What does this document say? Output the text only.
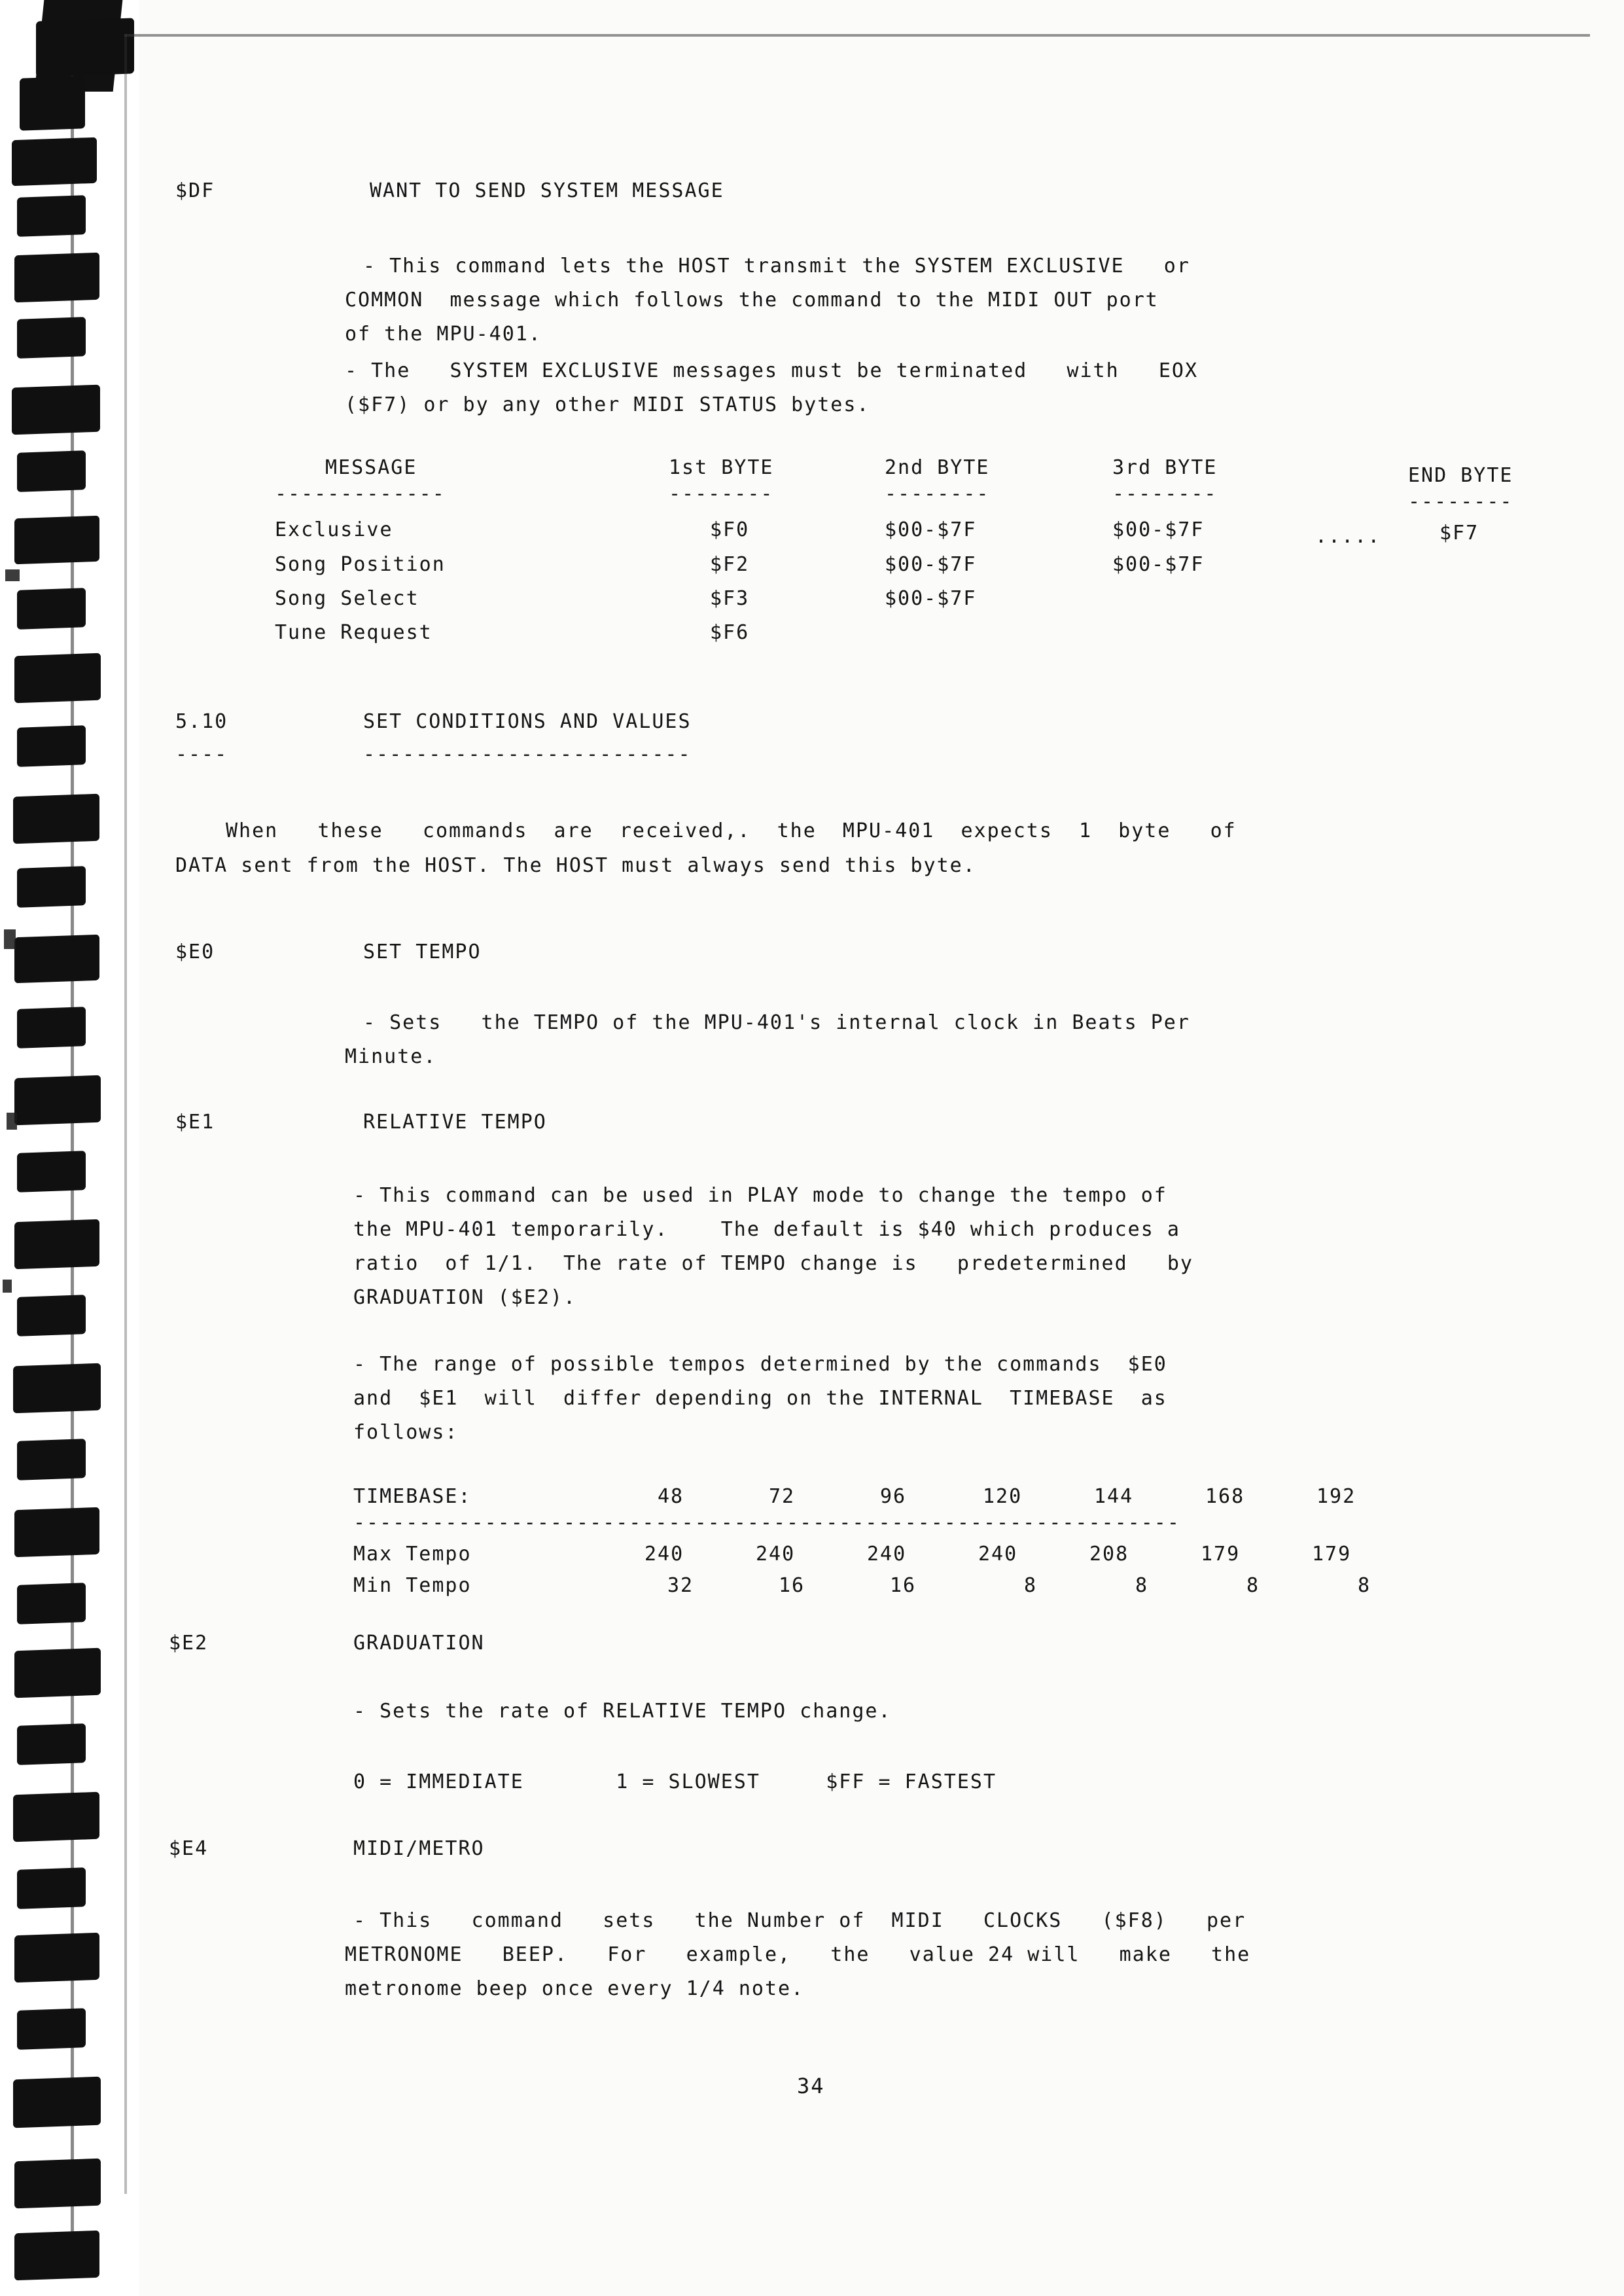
$DF	WANT TO SEND SYSTEM MESSAGE
- This command lets the HOST transmit the SYSTEM EXCLUSIVE   or
COMMON  message which follows the command to the MIDI OUT port
of the MPU-401.
- The   SYSTEM EXCLUSIVE messages must be terminated   with   EOX
($F7) or by any other MIDI STATUS bytes.
MESSAGE	1st BYTE	2nd BYTE	3rd BYTE	END BYTE
-------------	--------	--------	--------	--------
Exclusive	$F0	$00-$7F	$00-$7F	.....	$F7
Song Position	$F2	$00-$7F	$00-$7F
Song Select	$F3	$00-$7F
Tune Request	$F6
5.10	SET CONDITIONS AND VALUES
----	-------------------------
When   these   commands  are  received,.  the  MPU-401  expects  1  byte   of
DATA sent from the HOST. The HOST must always send this byte.
$E0	SET TEMPO
- Sets   the TEMPO of the MPU-401's internal clock in Beats Per
Minute.
$E1	RELATIVE TEMPO
- This command can be used in PLAY mode to change the tempo of
the MPU-401 temporarily.    The default is $40 which produces a
ratio  of 1/1.  The rate of TEMPO change is   predetermined   by
GRADUATION ($E2).
- The range of possible tempos determined by the commands  $E0
and  $E1  will  differ depending on the INTERNAL  TIMEBASE  as
follows:
TIMEBASE:	48	72	96	120	144	168	192
---------------------------------------------------------------
Max Tempo	240	240	240	240	208	179	179
Min Tempo	32	16	16	8	8	8	8
$E2	GRADUATION
- Sets the rate of RELATIVE TEMPO change.
0 = IMMEDIATE       1 = SLOWEST     $FF = FASTEST
$E4	MIDI/METRO
- This   command   sets   the Number of  MIDI   CLOCKS   ($F8)   per
METRONOME   BEEP.   For   example,   the   value 24 will   make   the
metronome beep once every 1/4 note.
34
